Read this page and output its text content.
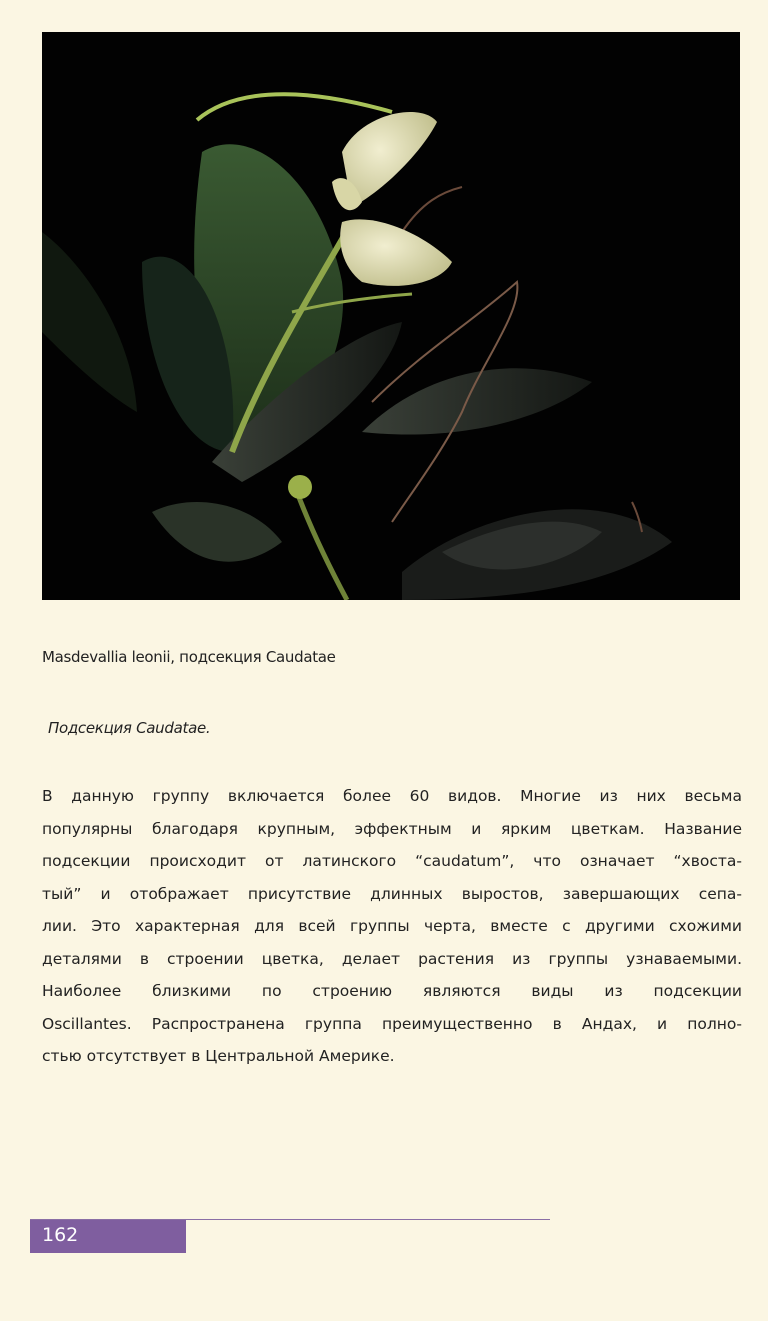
Masdevallia leonii, подсекция Caudatae
Подсекция Caudatae.
В данную группу включается более 60 видов. Многие из них весьма
популярны благодаря крупным, эффектным и ярким цветкам. Название
подсекции происходит от латинского “caudatum”, что означает “хвоста-
тый” и отображает присутствие длинных выростов, завершающих сепа-
лии. Это характерная для всей группы черта, вместе с другими схожими
деталями в строении цветка, делает растения из группы узнаваемыми.
Наиболее близкими по строению являются виды из подсекции
Oscillantes. Распространена группа преимущественно в Андах, и полно-
стью отсутствует в Центральной Америке.
162
